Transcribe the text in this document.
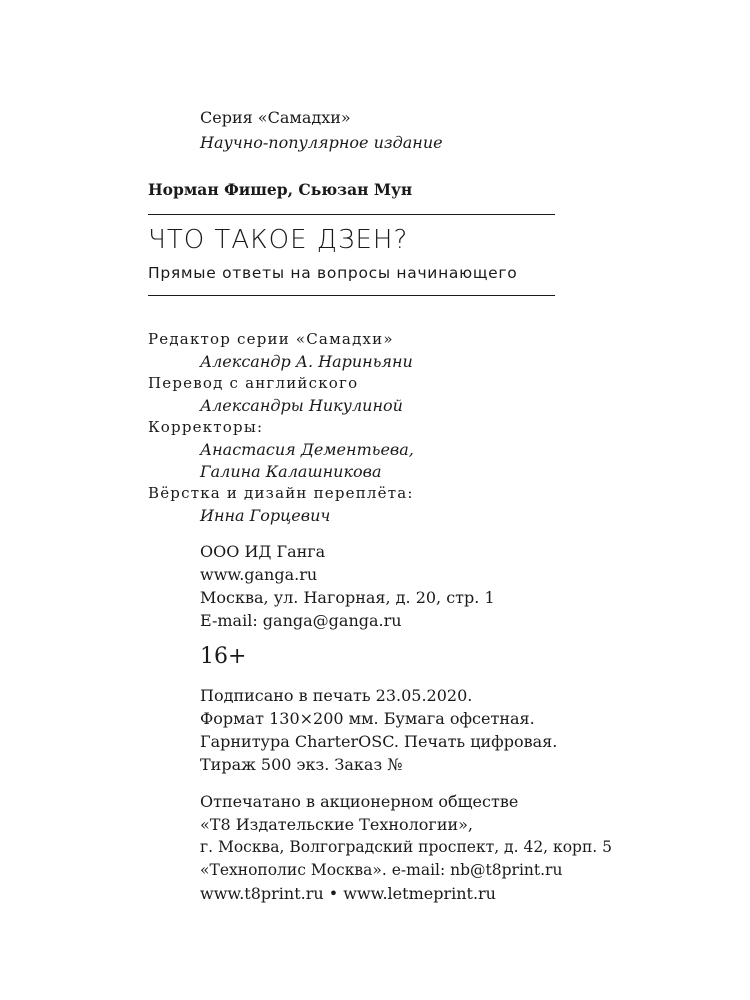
Серия «Самадхи»
Научно-популярное издание
Норман Фишер, Сьюзан Мун
ЧТО ТАКОЕ ДЗЕН?
Прямые ответы на вопросы начинающего
Редактор серии «Самадхи»
Александр А. Нариньяни
Перевод с английского
Александры Никулиной
Корректоры:
Анастасия Дементьева,
Галина Калашникова
Вёрстка и дизайн переплёта:
Инна Горцевич
ООО ИД Ганга
www.ganga.ru
Москва, ул. Нагорная, д. 20, стр. 1
E-mail: ganga@ganga.ru
16+
Подписано в печать 23.05.2020.
Формат 130×200 мм. Бумага офсетная.
Гарнитура CharterOSC. Печать цифровая.
Тираж 500 экз. Заказ №
Отпечатано в акционерном обществе
«Т8 Издательские Технологии»,
г. Москва, Волгоградский проспект, д. 42, корп. 5
«Технополис Москва». e-mail: nb@t8print.ru
www.t8print.ru • www.letmeprint.ru
